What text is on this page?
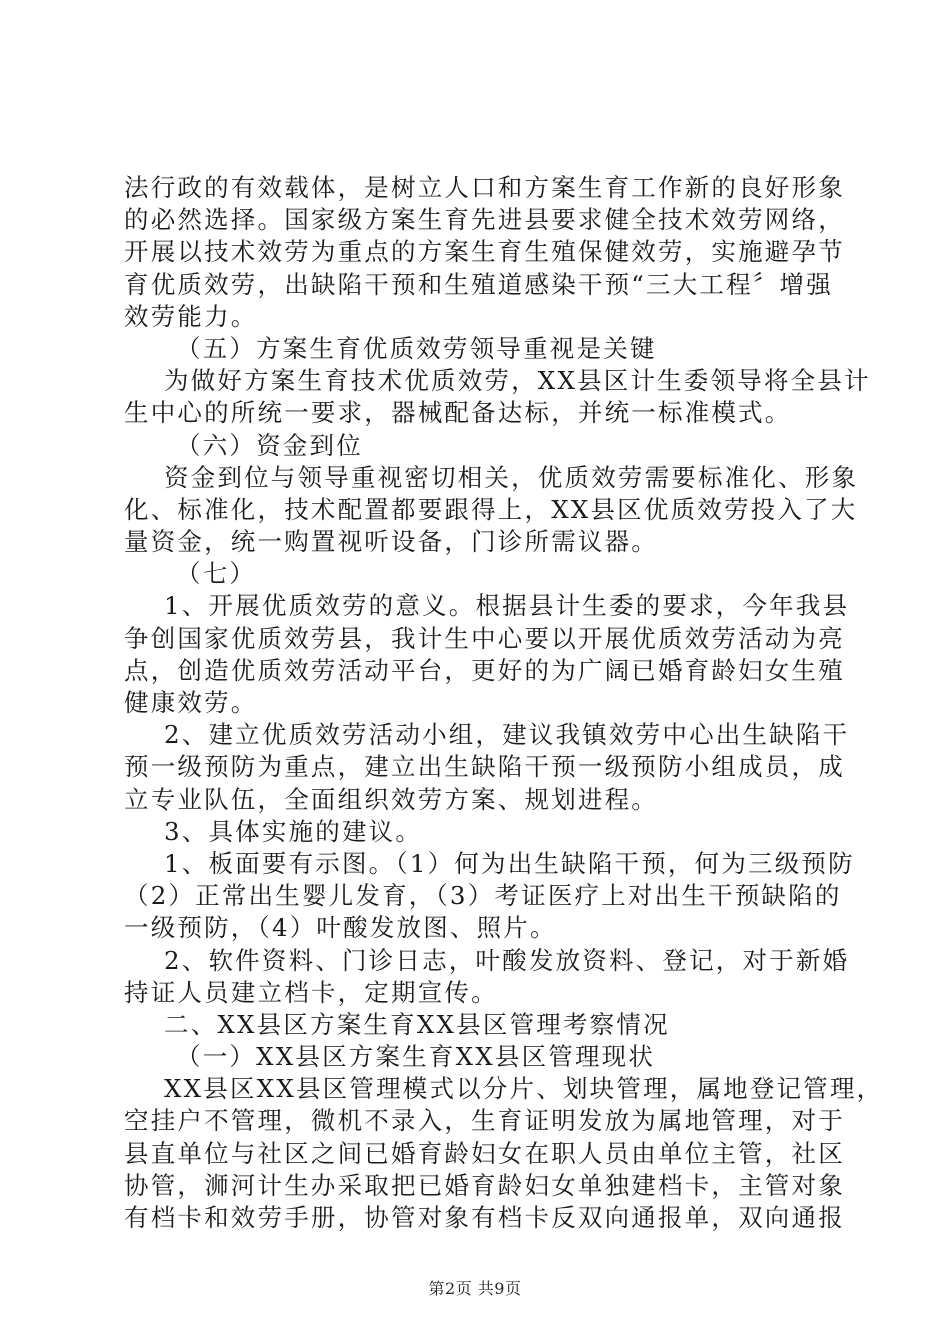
法行政的有效载体，是树立人口和方案生育工作新的良好形象
的必然选择。国家级方案生育先进县要求健全技术效劳网络，
开展以技术效劳为重点的方案生育生殖保健效劳，实施避孕节
育优质效劳，出缺陷干预和生殖道感染干预“三大工程〞增强
效劳能力。
（五）方案生育优质效劳领导重视是关键
为做好方案生育技术优质效劳，XX县区计生委领导将全县计
生中心的所统一要求，器械配备达标，并统一标准模式。
（六）资金到位
资金到位与领导重视密切相关，优质效劳需要标准化、形象
化、标准化，技术配置都要跟得上，XX县区优质效劳投入了大
量资金，统一购置视听设备，门诊所需议器。
（七）
1、开展优质效劳的意义。根据县计生委的要求，今年我县
争创国家优质效劳县，我计生中心要以开展优质效劳活动为亮
点，创造优质效劳活动平台，更好的为广阔已婚育龄妇女生殖
健康效劳。
2、建立优质效劳活动小组，建议我镇效劳中心出生缺陷干
预一级预防为重点，建立出生缺陷干预一级预防小组成员，成
立专业队伍，全面组织效劳方案、规划进程。
3、具体实施的建议。
1、板面要有示图。（1）何为出生缺陷干预，何为三级预防
（2）正常出生婴儿发育，（3）考证医疗上对出生干预缺陷的
一级预防，（4）叶酸发放图、照片。
2、软件资料、门诊日志，叶酸发放资料、登记，对于新婚
持证人员建立档卡，定期宣传。
二、XX县区方案生育XX县区管理考察情况
（一）XX县区方案生育XX县区管理现状
XX县区XX县区管理模式以分片、划块管理，属地登记管理，
空挂户不管理，微机不录入，生育证明发放为属地管理，对于
县直单位与社区之间已婚育龄妇女在职人员由单位主管，社区
协管，浉河计生办采取把已婚育龄妇女单独建档卡，主管对象
有档卡和效劳手册，协管对象有档卡反双向通报单，双向通报
第2页 共9页
